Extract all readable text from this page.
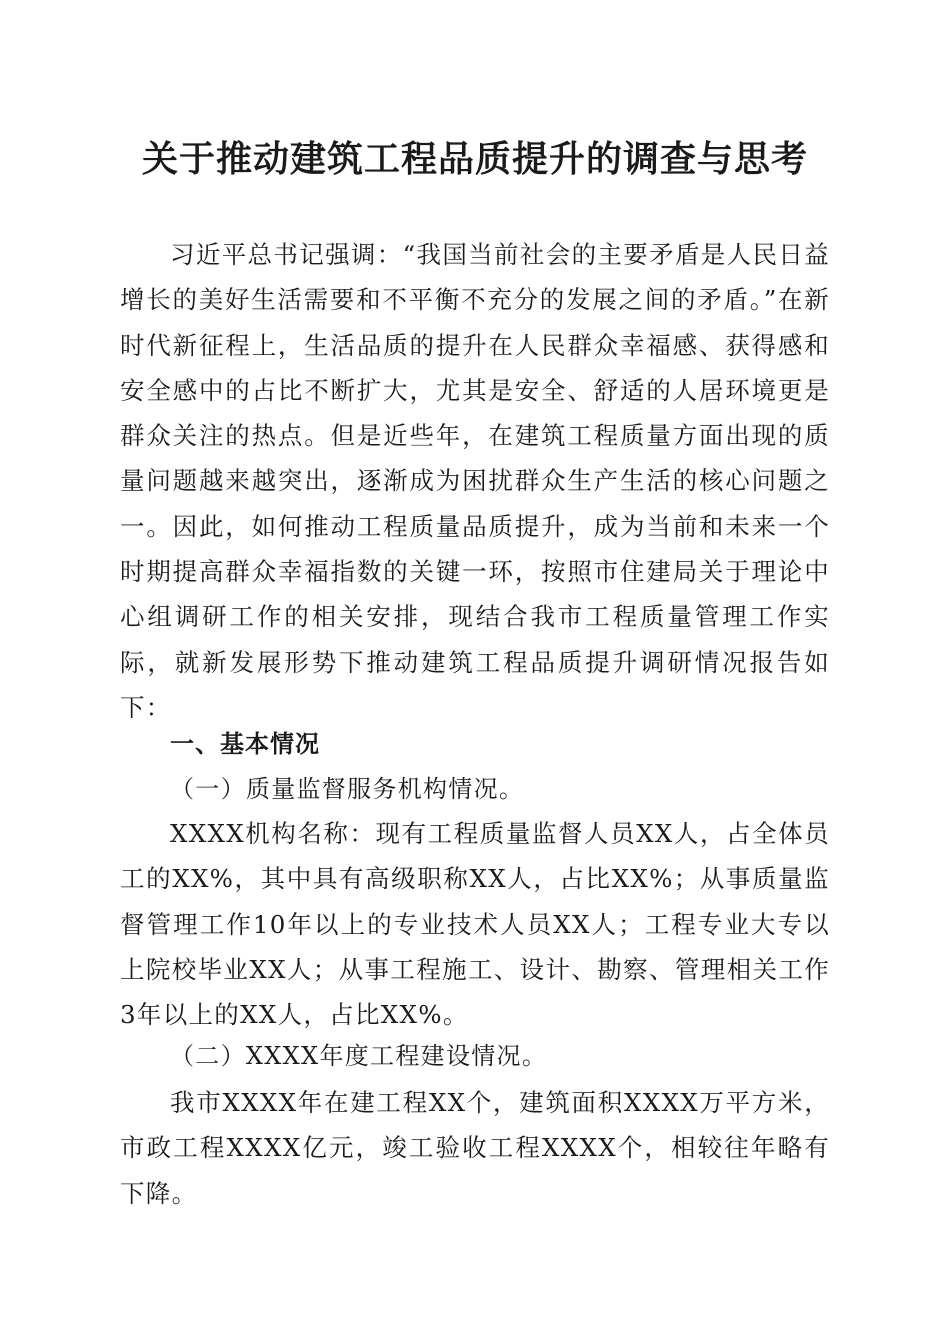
关于推动建筑工程品质提升的调查与思考
习近平总书记强调：“我国当前社会的主要矛盾是人民日益增长的美好生活需要和不平衡不充分的发展之间的矛盾。”在新时代新征程上，生活品质的提升在人民群众幸福感、获得感和安全感中的占比不断扩大，尤其是安全、舒适的人居环境更是群众关注的热点。但是近些年，在建筑工程质量方面出现的质量问题越来越突出，逐渐成为困扰群众生产生活的核心问题之一。因此，如何推动工程质量品质提升，成为当前和未来一个时期提高群众幸福指数的关键一环，按照市住建局关于理论中心组调研工作的相关安排，现结合我市工程质量管理工作实际，就新发展形势下推动建筑工程品质提升调研情况报告如下：
一、基本情况
（一）质量监督服务机构情况。
XXXX机构名称：现有工程质量监督人员XX人，占全体员工的XX%，其中具有高级职称XX人，占比XX%；从事质量监督管理工作10年以上的专业技术人员XX人；工程专业大专以上院校毕业XX人；从事工程施工、设计、勘察、管理相关工作3年以上的XX人，占比XX%。
（二）XXXX年度工程建设情况。
我市XXXX年在建工程XX个，建筑面积XXXX万平方米，市政工程XXXX亿元，竣工验收工程XXXX个，相较往年略有下降。
